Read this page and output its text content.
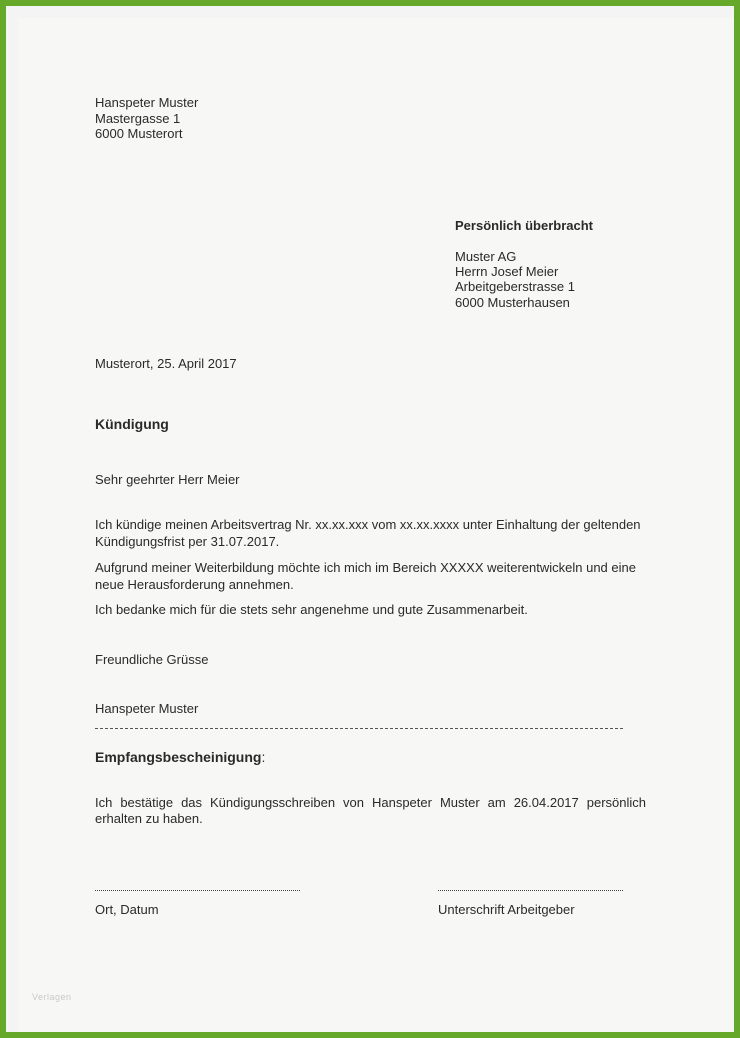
Hanspeter Muster
Mastergasse 1
6000 Musterort
Persönlich überbracht
Muster AG
Herrn Josef Meier
Arbeitgeberstrasse 1
6000 Musterhausen
Musterort, 25. April 2017
Kündigung
Sehr geehrter Herr Meier
Ich kündige meinen Arbeitsvertrag Nr. xx.xx.xxx vom xx.xx.xxxx unter Einhaltung der geltenden
Kündigungsfrist per 31.07.2017.
Aufgrund meiner Weiterbildung möchte ich mich im Bereich XXXXX weiterentwickeln und eine
neue Herausforderung annehmen.
Ich bedanke mich für die stets sehr angenehme und gute Zusammenarbeit.
Freundliche Grüsse
Hanspeter Muster
Empfangsbescheinigung:
Ich bestätige das Kündigungsschreiben von Hanspeter Muster am 26.04.2017 persönlich
erhalten zu haben.
Ort, Datum	Unterschrift Arbeitgeber
Verlagen
